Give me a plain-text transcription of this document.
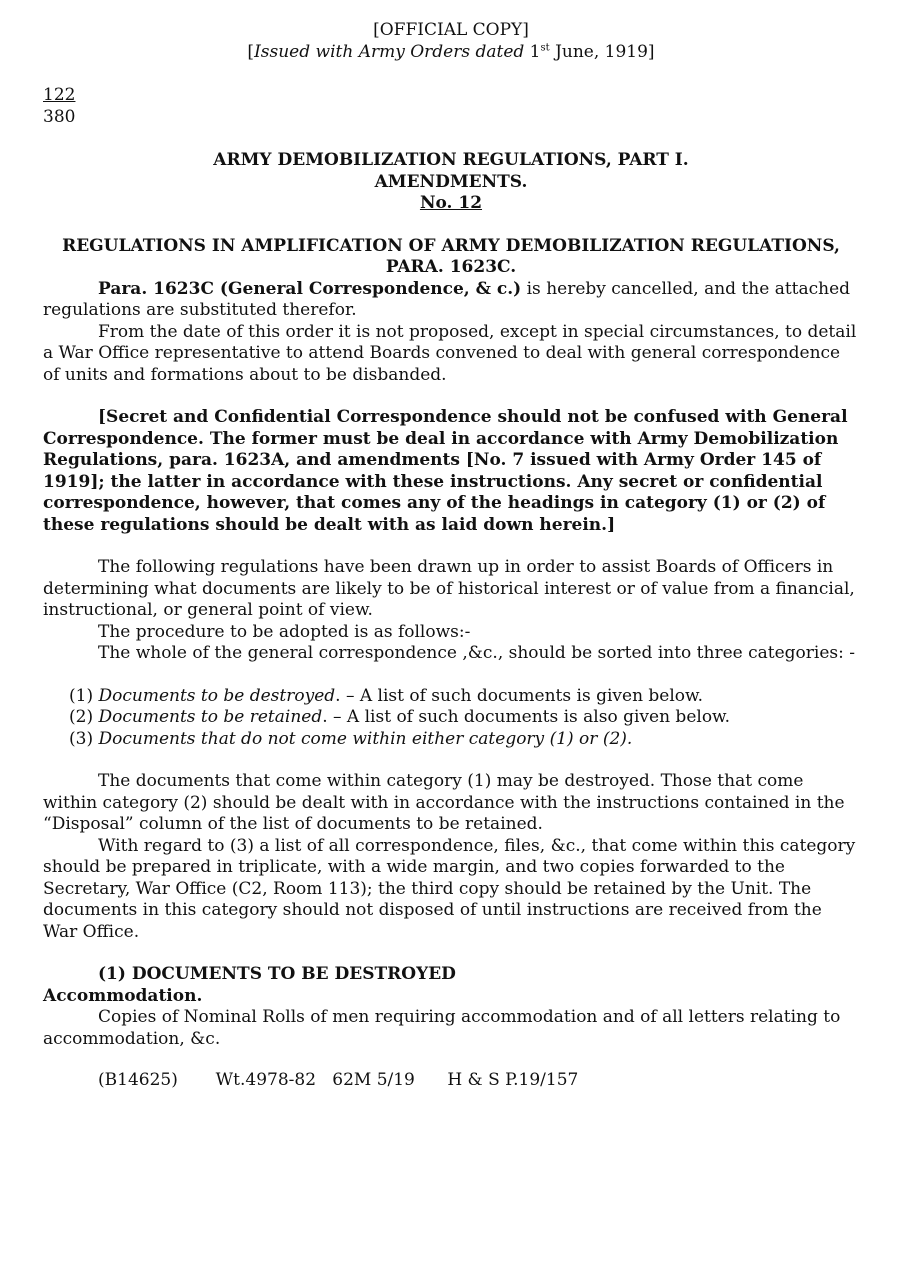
[OFFICIAL COPY]

[Issued with Army Orders dated 1st June, 1919]

122

380

ARMY DEMOBILIZATION REGULATIONS, PART I.

AMENDMENTS.

No. 12

REGULATIONS IN AMPLIFICATION OF ARMY DEMOBILIZATION REGULATIONS, PARA. 1623C.

Para. 1623C (General Correspondence, & c.) is hereby cancelled, and the attached regulations are substituted therefor.

From the date of this order it is not proposed, except in special circumstances, to detail a War Office representative to attend Boards convened to deal with general correspondence of units and formations about to be disbanded.

[Secret and Confidential Correspondence should not be confused with General Correspondence. The former must be deal in accordance with Army Demobilization Regulations, para. 1623A, and amendments [No. 7 issued with Army Order 145 of 1919]; the latter in accordance with these instructions. Any secret or confidential correspondence, however, that comes any of the headings in category (1) or (2) of these regulations should be dealt with as laid down herein.]

The following regulations have been drawn up in order to assist Boards of Officers in determining what documents are likely to be of historical interest or of value from a financial, instructional, or general point of view.

The procedure to be adopted is as follows:-

The whole of the general correspondence ,&c., should be sorted into three categories: -

(1) Documents to be destroyed. – A list of such documents is given below.

(2) Documents to be retained. – A list of such documents is also given below.

(3) Documents that do not come within either category (1) or (2).

The documents that come within category (1) may be destroyed. Those that come within category (2) should be dealt with in accordance with the instructions contained in the “Disposal” column of the list of documents to be retained.

With regard to (3) a list of all correspondence, files, &c., that come within this category should be prepared in triplicate, with a wide margin, and two copies forwarded to the Secretary, War Office (C2, Room 113); the third copy should be retained by the Unit. The documents in this category should not disposed of until instructions are received from the War Office.

(1) DOCUMENTS TO BE DESTROYED

Accommodation.

Copies of Nominal Rolls of men requiring accommodation and of all letters relating to accommodation, &c.

(B14625) Wt.4978-82 62M 5/19 H & S P.19/157
